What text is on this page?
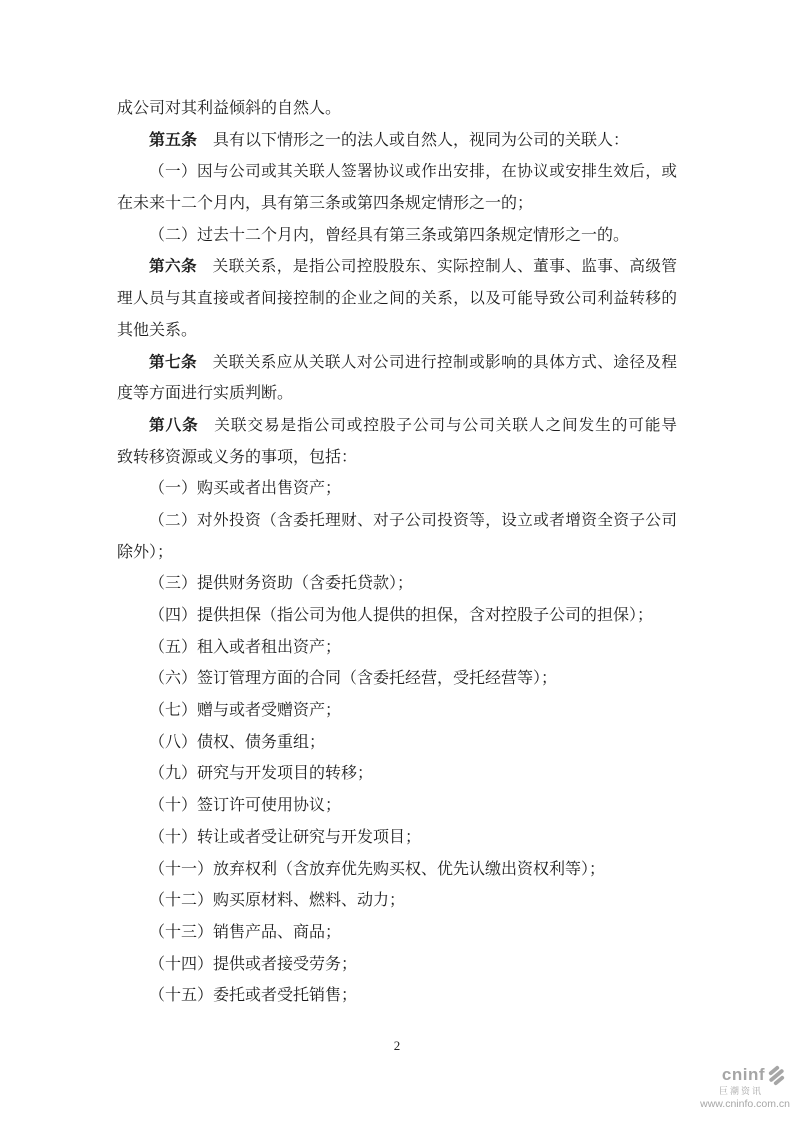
成公司对其利益倾斜的自然人。
第五条 具有以下情形之一的法人或自然人，视同为公司的关联人：
（一）因与公司或其关联人签署协议或作出安排，在协议或安排生效后，或
在未来十二个月内，具有第三条或第四条规定情形之一的；
（二）过去十二个月内，曾经具有第三条或第四条规定情形之一的。
第六条 关联关系，是指公司控股股东、实际控制人、董事、监事、高级管
理人员与其直接或者间接控制的企业之间的关系，以及可能导致公司利益转移的
其他关系。
第七条 关联关系应从关联人对公司进行控制或影响的具体方式、途径及程
度等方面进行实质判断。
第八条 关联交易是指公司或控股子公司与公司关联人之间发生的可能导
致转移资源或义务的事项，包括：
（一）购买或者出售资产；
（二）对外投资（含委托理财、对子公司投资等，设立或者增资全资子公司
除外）；
（三）提供财务资助（含委托贷款）；
（四）提供担保（指公司为他人提供的担保，含对控股子公司的担保）；
（五）租入或者租出资产；
（六）签订管理方面的合同（含委托经营，受托经营等）；
（七）赠与或者受赠资产；
（八）债权、债务重组；
（九）研究与开发项目的转移；
（十）签订许可使用协议；
（十）转让或者受让研究与开发项目；
（十一）放弃权利（含放弃优先购买权、优先认缴出资权利等）；
（十二）购买原材料、燃料、动力；
（十三）销售产品、商品；
（十四）提供或者接受劳务；
（十五）委托或者受托销售；
2
cninf
巨潮资讯
www.cninfo.com.cn
